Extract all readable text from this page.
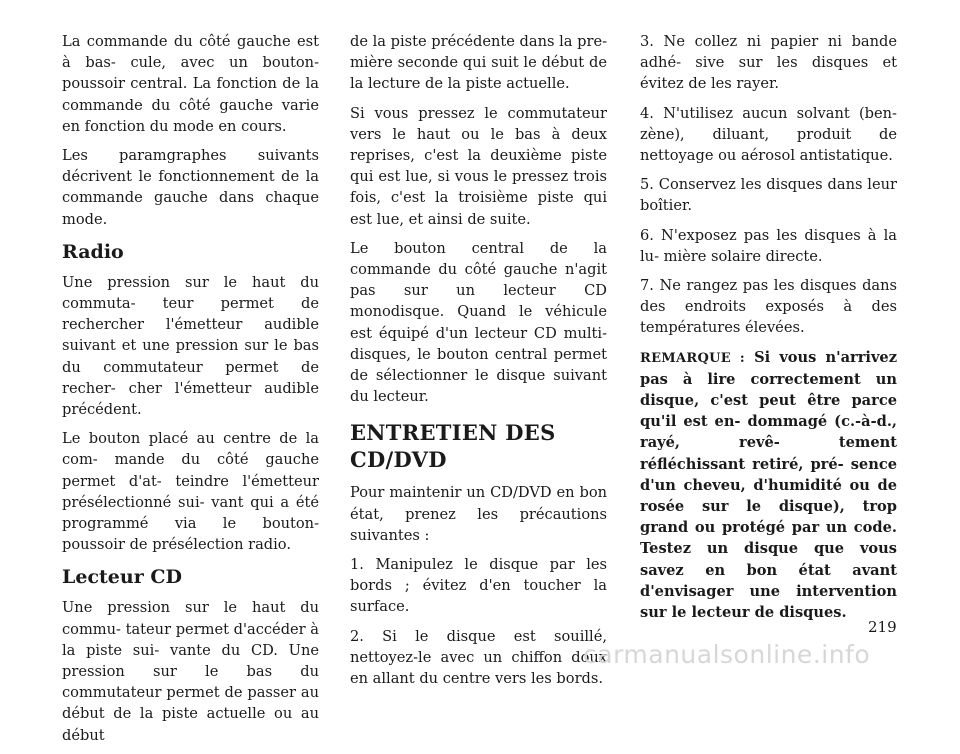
La commande du côté gauche est à bas- cule, avec un bouton-poussoir central. La fonction de la commande du côté gauche varie en fonction du mode en cours.

Les paramgraphes suivants décrivent le fonctionnement de la commande gauche dans chaque mode.

Radio

Une pression sur le haut du commuta- teur permet de rechercher l'émetteur audible suivant et une pression sur le bas du commutateur permet de recher- cher l'émetteur audible précédent.

Le bouton placé au centre de la com- mande du côté gauche permet d'at- teindre l'émetteur présélectionné sui- vant qui a été programmé via le bouton- poussoir de présélection radio.

Lecteur CD

Une pression sur le haut du commu- tateur permet d'accéder à la piste sui- vante du CD. Une pression sur le bas du commutateur permet de passer au début de la piste actuelle ou au début

de la piste précédente dans la pre- mière seconde qui suit le début de la lecture de la piste actuelle.

Si vous pressez le commutateur vers le haut ou le bas à deux reprises, c'est la deuxième piste qui est lue, si vous le pressez trois fois, c'est la troisième piste qui est lue, et ainsi de suite.

Le bouton central de la commande du côté gauche n'agit pas sur un lecteur CD monodisque. Quand le véhicule est équipé d'un lecteur CD multi-disques, le bouton central permet de sélectionner le disque suivant du lecteur.

ENTRETIEN DES CD/DVD

Pour maintenir un CD/DVD en bon état, prenez les précautions suivantes :

1. Manipulez le disque par les bords ; évitez d'en toucher la surface.

2. Si le disque est souillé, nettoyez-le avec un chiffon doux en allant du centre vers les bords.

3. Ne collez ni papier ni bande adhé- sive sur les disques et évitez de les rayer.

4. N'utilisez aucun solvant (ben- zène), diluant, produit de nettoyage ou aérosol antistatique.

5. Conservez les disques dans leur boîtier.

6. N'exposez pas les disques à la lu- mière solaire directe.

7. Ne rangez pas les disques dans des endroits exposés à des températures élevées.

REMARQUE : Si vous n'arrivez pas à lire correctement un disque, c'est peut être parce qu'il est en- dommagé (c.-à-d., rayé, revê- tement réfléchissant retiré, pré- sence d'un cheveu, d'humidité ou de rosée sur le disque), trop grand ou protégé par un code. Testez un disque que vous savez en bon état avant d'envisager une intervention sur le lecteur de disques.

219
carmanualsonline.info
